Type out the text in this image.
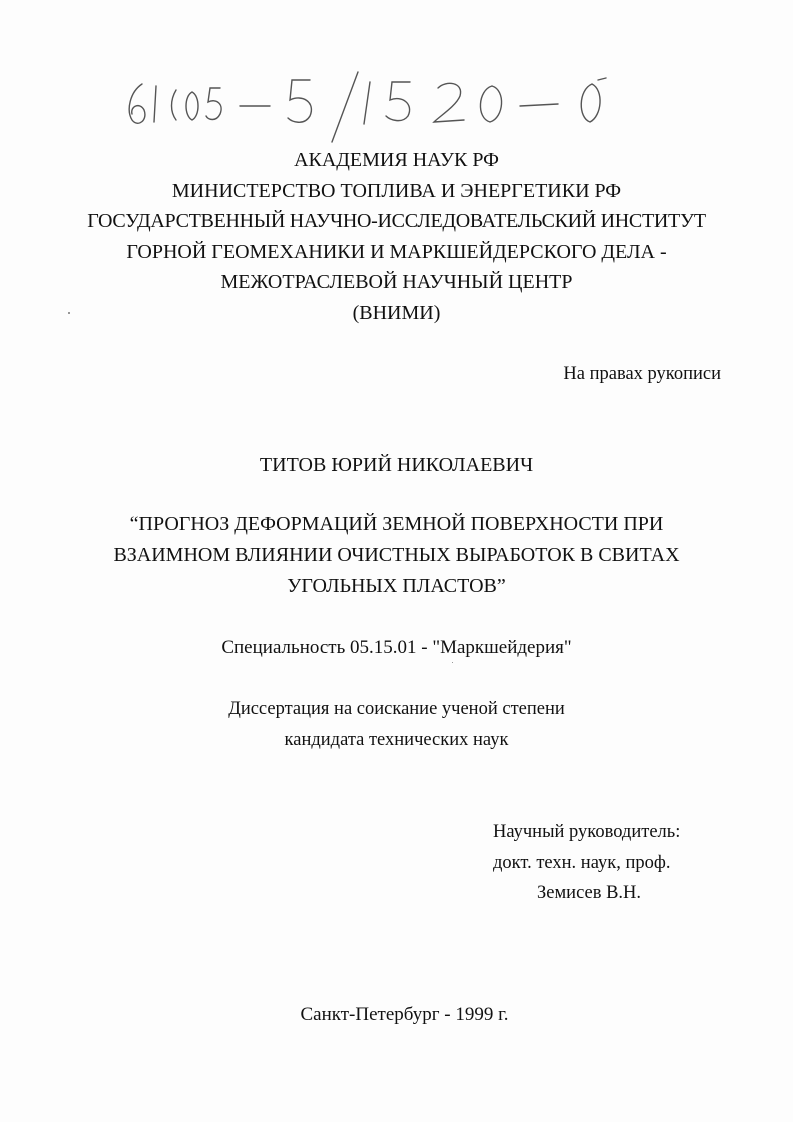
АКАДЕМИЯ НАУК РФ
МИНИСТЕРСТВО ТОПЛИВА И ЭНЕРГЕТИКИ РФ
ГОСУДАРСТВЕННЫЙ НАУЧНО-ИССЛЕДОВАТЕЛЬСКИЙ ИНСТИТУТ
ГОРНОЙ ГЕОМЕХАНИКИ И МАРКШЕЙДЕРСКОГО ДЕЛА -
МЕЖОТРАСЛЕВОЙ НАУЧНЫЙ ЦЕНТР
(ВНИМИ)
На правах рукописи
ТИТОВ ЮРИЙ НИКОЛАЕВИЧ
“ПРОГНОЗ ДЕФОРМАЦИЙ ЗЕМНОЙ ПОВЕРХНОСТИ ПРИ
ВЗАИМНОМ ВЛИЯНИИ ОЧИСТНЫХ ВЫРАБОТОК В СВИТАХ
УГОЛЬНЫХ ПЛАСТОВ”
Специальность 05.15.01 - "Маркшейдерия"
Диссертация на соискание ученой степени
кандидата технических наук
Научный руководитель:
докт. техн. наук, проф.
Земисев В.Н.
Санкт-Петербург - 1999 г.
